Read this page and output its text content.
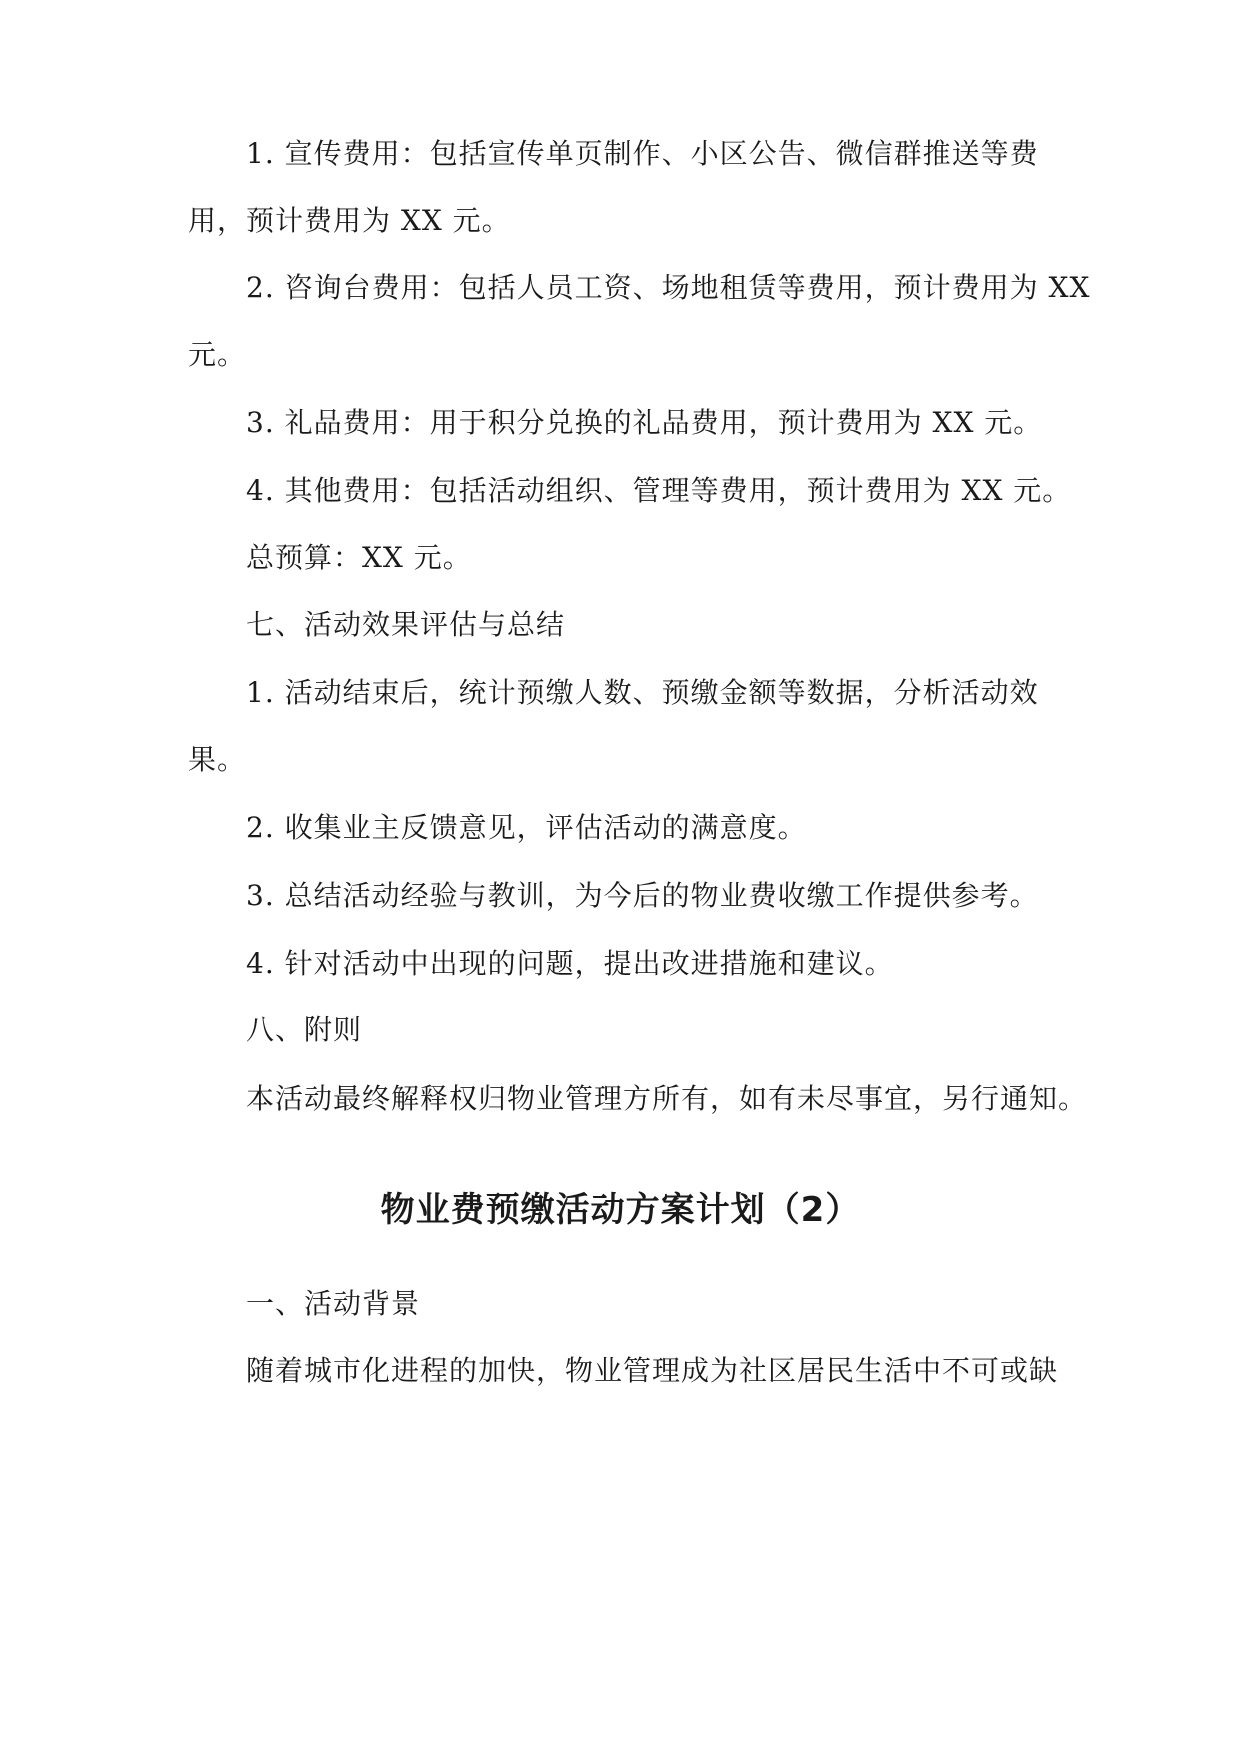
1. 宣传费用：包括宣传单页制作、小区公告、微信群推送等费
用，预计费用为 XX 元。
2. 咨询台费用：包括人员工资、场地租赁等费用，预计费用为 XX
元。
3. 礼品费用：用于积分兑换的礼品费用，预计费用为 XX 元。
4. 其他费用：包括活动组织、管理等费用，预计费用为 XX 元。
总预算：XX 元。
七、活动效果评估与总结
1. 活动结束后，统计预缴人数、预缴金额等数据，分析活动效
果。
2. 收集业主反馈意见，评估活动的满意度。
3. 总结活动经验与教训，为今后的物业费收缴工作提供参考。
4. 针对活动中出现的问题，提出改进措施和建议。
八、附则
本活动最终解释权归物业管理方所有，如有未尽事宜，另行通知。
物业费预缴活动方案计划（2）
一、活动背景
随着城市化进程的加快，物业管理成为社区居民生活中不可或缺
